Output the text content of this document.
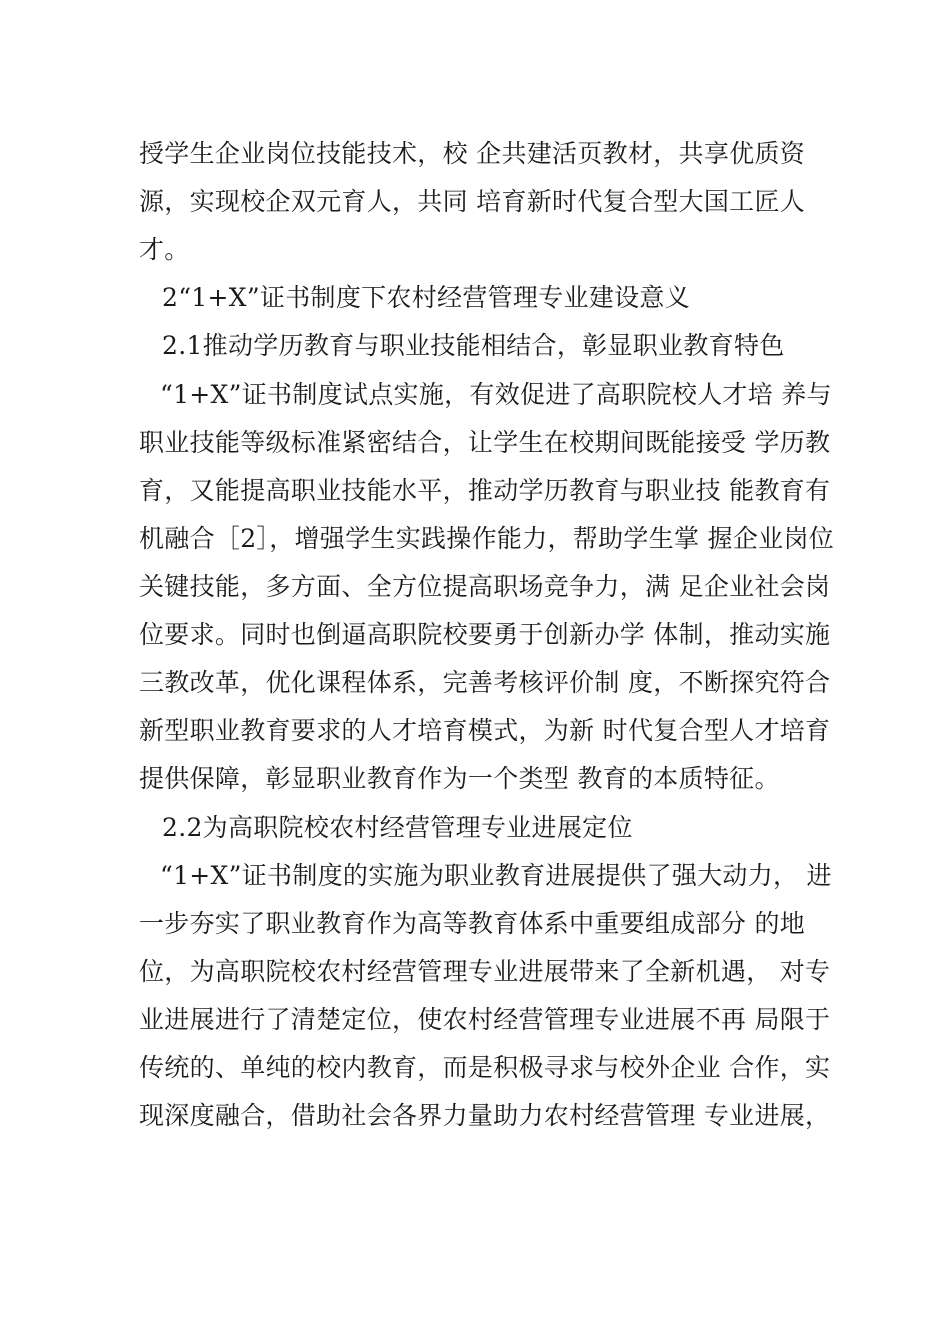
授学生企业岗位技能技术，校 企共建活页教材，共享优质资
源，实现校企双元育人，共同 培育新时代复合型大国工匠人
才。
2“1+X”证书制度下农村经营管理专业建设意义
2.1推动学历教育与职业技能相结合，彰显职业教育特色
“1+X”证书制度试点实施，有效促进了高职院校人才培 养与
职业技能等级标准紧密结合，让学生在校期间既能接受 学历教
育，又能提高职业技能水平，推动学历教育与职业技 能教育有
机融合［2］，增强学生实践操作能力，帮助学生掌 握企业岗位
关键技能，多方面、全方位提高职场竞争力，满 足企业社会岗
位要求。同时也倒逼高职院校要勇于创新办学 体制，推动实施
三教改革，优化课程体系，完善考核评价制 度，不断探究符合
新型职业教育要求的人才培育模式，为新 时代复合型人才培育
提供保障，彰显职业教育作为一个类型 教育的本质特征。
2.2为高职院校农村经营管理专业进展定位
“1+X”证书制度的实施为职业教育进展提供了强大动力， 进
一步夯实了职业教育作为高等教育体系中重要组成部分 的地
位，为高职院校农村经营管理专业进展带来了全新机遇， 对专
业进展进行了清楚定位，使农村经营管理专业进展不再 局限于
传统的、单纯的校内教育，而是积极寻求与校外企业 合作，实
现深度融合，借助社会各界力量助力农村经营管理 专业进展，
